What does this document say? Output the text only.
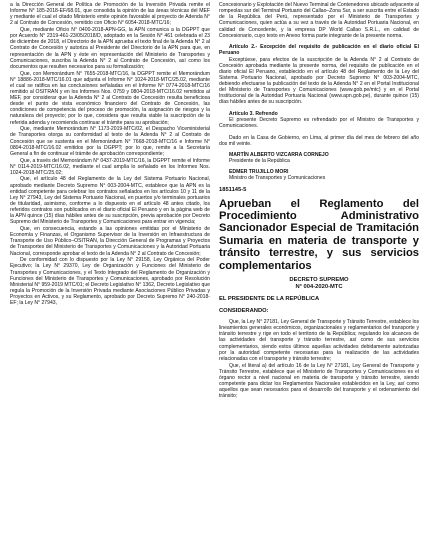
a la Dirección General de Política de Promoción de la Inversión Privada remite el Informe N° 185-2018-EF/68.01, que consolida la opinión de las áreas técnicas del MEF y mediante el cual el citado Ministerio emite opinión favorable al proyecto de Adenda N° 2 al Contrato de Concesión, remitido con Oficio N° 6054-2018-MTC/16;

Que, mediante Oficio N° 0400-2018-APN-GG, la APN comunica a la DGPPT que por Acuerdo N° 2319-461-23/05/2018/D, adoptado en la Sesión N° 461 celebrada el 23 de diciembre de 2018, el Directorio de la APN aprueba el texto final de la Adenda N° 2 al Contrato de Concesión y autoriza al Presidente del Directorio de la APN para que, en representación de la APN y éste en representación del Ministerio de Transportes y Comunicaciones, suscriba la Adenda N° 2 al Contrato de Concesión, así como los documentos que resulten necesarios para su formalización;

Que, con Memorándum N° 7655-2018-MTC/16, la DGPPT remite el Memorándum N° 18886-2018-MTC/16.01 que adjunta el Informe N° 1024-2018-MTC/25.02, mediante el cual se ratifica en las conclusiones señaladas en el Informe N° 0774-2018-MTC/16 remitido al OSITRAN y en los Informes Nos. 0759 y 0804-2018-MTC/16.02 remitidos al MEF, por considerar que la Adenda N° 2 al Contrato de Concesión resulta beneficiosa desde el punto de vista económico financiero del Contrato de Concesión, las condiciones de competencia del proceso de promoción, la asignación de riesgos y la naturaleza del proyecto; por lo que, considera que resulta viable la suscripción de la referida adenda y recomienda continuar el trámite para su aprobación;

Que, mediante Memorándum N° 1173-2019-MTC/02, el Despacho Viceministerial de Transportes otorga su conformidad al texto de la Adenda N° 2 al Contrato de Concesión que se sustenta en el Memorándum N° 7668-2018-MTC/16 e Informe N° 0804-2018-MTC/16.02 emitidos por la DGPPT; por lo que, remite a la Secretaría General a fin de continuar el trámite de aprobación correspondiente;

Que, a través del Memorándum N° 0437-2019-MTC/16, la DGPPT remite el Informe N° 0114-2019-MTC/16.02, mediante el cual amplía lo señalado en los Informes Nos. 1024-2018-MTC/25.02;

Que, el artículo 48 del Reglamento de la Ley del Sistema Portuario Nacional, aprobado mediante Decreto Supremo N° 003-2004-MTC, establece que la APN es la entidad competente para celebrar los contratos señalados en los artículos 10 y 11 de la Ley N° 27943, Ley del Sistema Portuario Nacional, en puertos y/o terminales portuarios de titularidad, asimismo, conforme a lo dispuesto en el artículo 48 antes citado, los referidos contratos son publicados en el diario oficial El Peruano y en la página web de la APN quince (15) días hábiles antes de su suscripción, previa aprobación por Decreto Supremo del Ministerio de Transportes y Comunicaciones para entrar en vigencia;

Que, en consecuencia, estando a las opiniones emitidas por el Ministerio de Economía y Finanzas, el Organismo Supervisor de la Inversión en Infraestructura de Transporte de Uso Público–OSITRAN, la Dirección General de Programas y Proyectos de Transportes del Ministerio de Transportes y Comunicaciones y la Autoridad Portuaria Nacional, corresponde aprobar el texto de la Adenda N° 2 al Contrato de Concesión;

De conformidad con lo dispuesto por la Ley N° 29158, Ley Orgánica del Poder Ejecutivo; la Ley N° 29370, Ley de Organización y Funciones del Ministerio de Transportes y Comunicaciones, y el Texto Integrado del Reglamento de Organización y Funciones del Ministerio de Transportes y Comunicaciones, aprobado por Resolución Ministerial N° 959-2019 MTC/01; el Decreto Legislativo N° 1362, Decreto Legislativo que regula la Promoción de la Inversión Privada mediante Asociaciones Público Privadas y Proyectos en Activos, y su Reglamento, aprobado por Decreto Supremo N° 240-2018-EF; la Ley N° 27943,

Concesionario y Explotación del Nuevo Terminal de Contenedores ubicado adyacente al rompeolas sur del Terminal Portuario del Callao–Zona Sur, a ser suscrita entre el Estado de la República del Perú, representado por el Ministerio de Transportes y Comunicaciones, quien actúa a su vez a través de la Autoridad Portuaria Nacional, en calidad de Concedente, y la empresa DP World Callao S.R.L., en calidad de Concesionario, cuyo texto en Anexo forma parte integrante de la presente norma.

Artículo 2.- Excepción del requisito de publicación en el diario oficial El Peruano

Exceptúese, para efectos de la suscripción de la Adenda N° 2 al Contrato de Concesión aprobada mediante la presente norma, del requisito de publicación en el diario oficial El Peruano, establecido en el artículo 48 del Reglamento de la Ley del Sistema Portuario Nacional, aprobado por Decreto Supremo N° 003-2004-MTC, debiendo efectuarse la publicación del texto de la Adenda N° 2 en el Portal Institucional del Ministerio de Transportes y Comunicaciones (www.gob.pe/mtc) y en el Portal Institucional de la Autoridad Portuaria Nacional (www.apn.gob.pe), durante quince (15) días hábiles antes de su suscripción.

Artículo 3. Refrendo

El presente Decreto Supremo es refrendado por el Ministro de Transportes y Comunicaciones.

Dado en la Casa de Gobierno, en Lima, al primer día del mes de febrero del año dos mil veinte.

MARTÍN ALBERTO VIZCARRA CORNEJO

Presidente de la República

EDMER TRUJILLO MORI

Ministro de Transportes y Comunicaciones

1851145-5

Aprueban el Reglamento del Procedimiento Administrativo Sancionador Especial de Tramitación Sumaria en materia de transporte y tránsito terrestre, y sus servicios complementarios

DECRETO SUPREMO

N° 004-2020-MTC

EL PRESIDENTE DE LA REPÚBLICA

CONSIDERANDO:

Que, la Ley N° 27181, Ley General de Transporte y Tránsito Terrestre, establece los lineamientos generales económicos, organizacionales y reglamentarios del transporte y tránsito terrestre y rige en todo el territorio de la República; regulando los alcances de las actividades del transporte y tránsito terrestre, así como de sus servicios complementarios, siendo estos últimos aquellas actividades debidamente autorizadas por la autoridad competente necesarias para la realización de las actividades relacionadas con el transporte y tránsito terrestre;

Que, el literal a) del artículo 16 de la Ley N° 27181, Ley General de Transporte y Tránsito Terrestre, establece que el Ministerio de Transportes y Comunicaciones es el órgano rector a nivel nacional en materia de transporte y tránsito terrestre, siendo competente para dictar los Reglamentos Nacionales establecidos en la Ley, así como aquellos que sean necesarios para el desarrollo del transporte y el ordenamiento del tránsito;
